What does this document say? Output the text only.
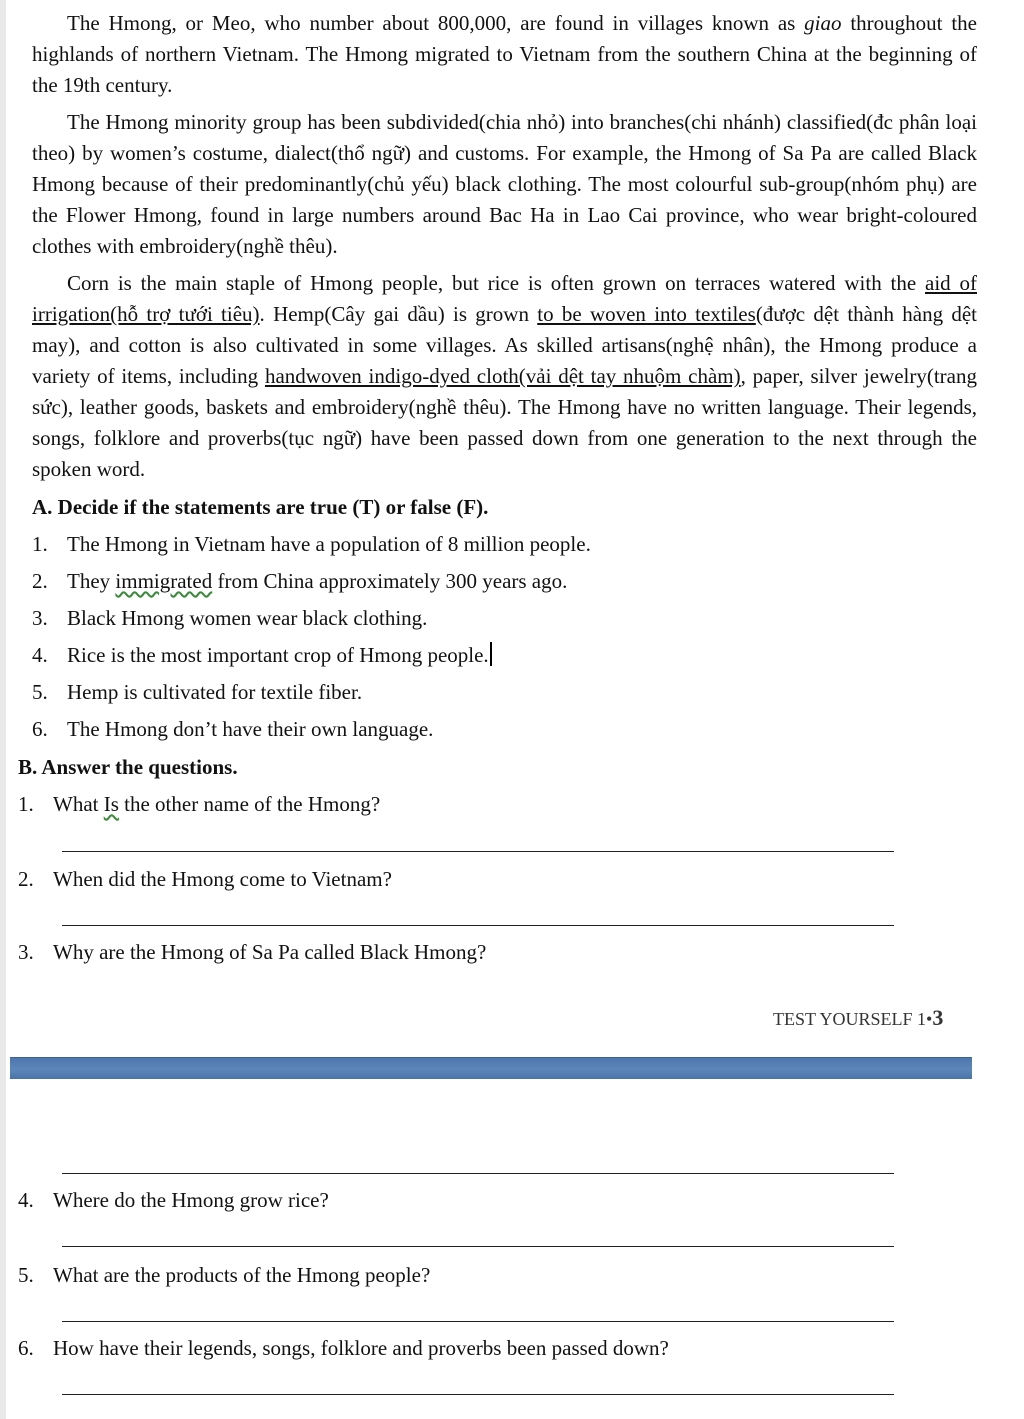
The Hmong, or Meo, who number about 800,000, are found in villages known as giao throughout the highlands of northern Vietnam. The Hmong migrated to Vietnam from the southern China at the beginning of the 19th century.

The Hmong minority group has been subdivided(chia nhỏ) into branches(chi nhánh) classified(đc phân loại theo) by women’s costume, dialect(thổ ngữ) and customs. For example, the Hmong of Sa Pa are called Black Hmong because of their predominantly(chủ yếu) black clothing. The most colourful sub-group(nhóm phụ) are the Flower Hmong, found in large numbers around Bac Ha in Lao Cai province, who wear bright-coloured clothes with embroidery(nghề thêu).

Corn is the main staple of Hmong people, but rice is often grown on terraces watered with the aid of irrigation(hỗ trợ tưới tiêu). Hemp(Cây gai dầu) is grown to be woven into textiles(được dệt thành hàng dệt may), and cotton is also cultivated in some villages. As skilled artisans(nghệ nhân), the Hmong produce a variety of items, including handwoven indigo-dyed cloth(vải dệt tay nhuộm chàm), paper, silver jewelry(trang sức), leather goods, baskets and embroidery(nghề thêu). The Hmong have no written language. Their legends, songs, folklore and proverbs(tục ngữ) have been passed down from one generation to the next through the spoken word.

A. Decide if the statements are true (T) or false (F).
1. The Hmong in Vietnam have a population of 8 million people.
2. They immigrated from China approximately 300 years ago.
3. Black Hmong women wear black clothing.
4. Rice is the most important crop of Hmong people.
5. Hemp is cultivated for textile fiber.
6. The Hmong don’t have their own language.
B. Answer the questions.
1. What Is the other name of the Hmong?
2. When did the Hmong come to Vietnam?
3. Why are the Hmong of Sa Pa called Black Hmong?
TEST YOURSELF 1•3
4. Where do the Hmong grow rice?
5. What are the products of the Hmong people?
6. How have their legends, songs, folklore and proverbs been passed down?
